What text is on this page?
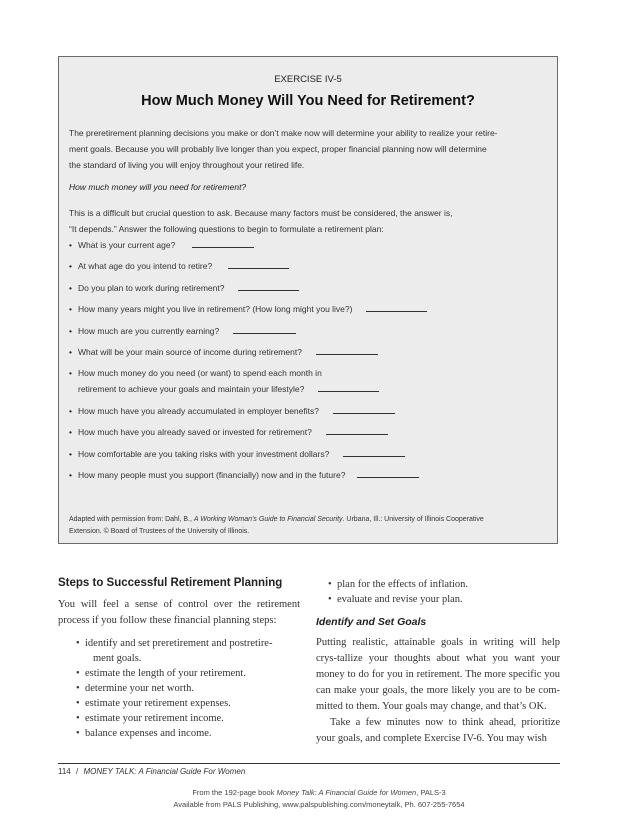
EXERCISE IV-5
How Much Money Will You Need for Retirement?

The preretirement planning decisions you make or don’t make now will determine your ability to realize your retire-
ment goals. Because you will probably live longer than you expect, proper financial planning now will determine
the standard of living you will enjoy throughout your retired life.

How much money will you need for retirement?

This is a difficult but crucial question to ask. Because many factors must be considered, the answer is,
“It depends.” Answer the following questions to begin to formulate a retirement plan:

• What is your current age?
• At what age do you intend to retire?
• Do you plan to work during retirement?
• How many years might you live in retirement? (How long might you live?)
• How much are you currently earning?
• What will be your main source of income during retirement?
• How much money do you need (or want) to spend each month in
retirement to achieve your goals and maintain your lifestyle?
• How much have you already accumulated in employer benefits?
• How much have you already saved or invested for retirement?
• How comfortable are you taking risks with your investment dollars?
• How many people must you support (financially) now and in the future?

Adapted with permission from: Dahl, B., A Working Woman’s Guide to Financial Security. Urbana, Ill.: University of Illinois Cooperative
Extension. © Board of Trustees of the University of Illinois.

Steps to Successful Retirement Planning

You will feel a sense of control over the retirement process if you follow these financial planning steps:

• identify and set preretirement and postretire-
ment goals.
• estimate the length of your retirement.
• determine your net worth.
• estimate your retirement expenses.
• estimate your retirement income.
• balance expenses and income.
• plan for the effects of inflation.
• evaluate and revise your plan.
Identify and Set Goals

Putting realistic, attainable goals in writing will help crys-tallize your thoughts about what you want your money to do for you in retirement. The more specific you can make your goals, the more likely you are to be com-mitted to them. Your goals may change, and that’s OK.

Take a few minutes now to think ahead, prioritize your goals, and complete Exercise IV-6. You may wish

114 / MONEY TALK: A Financial Guide For Women
From the 192-page book Money Talk: A Financial Guide for Women, PALS-3
Available from PALS Publishing, www.palspublishing.com/moneytalk, Ph. 607-255-7654
